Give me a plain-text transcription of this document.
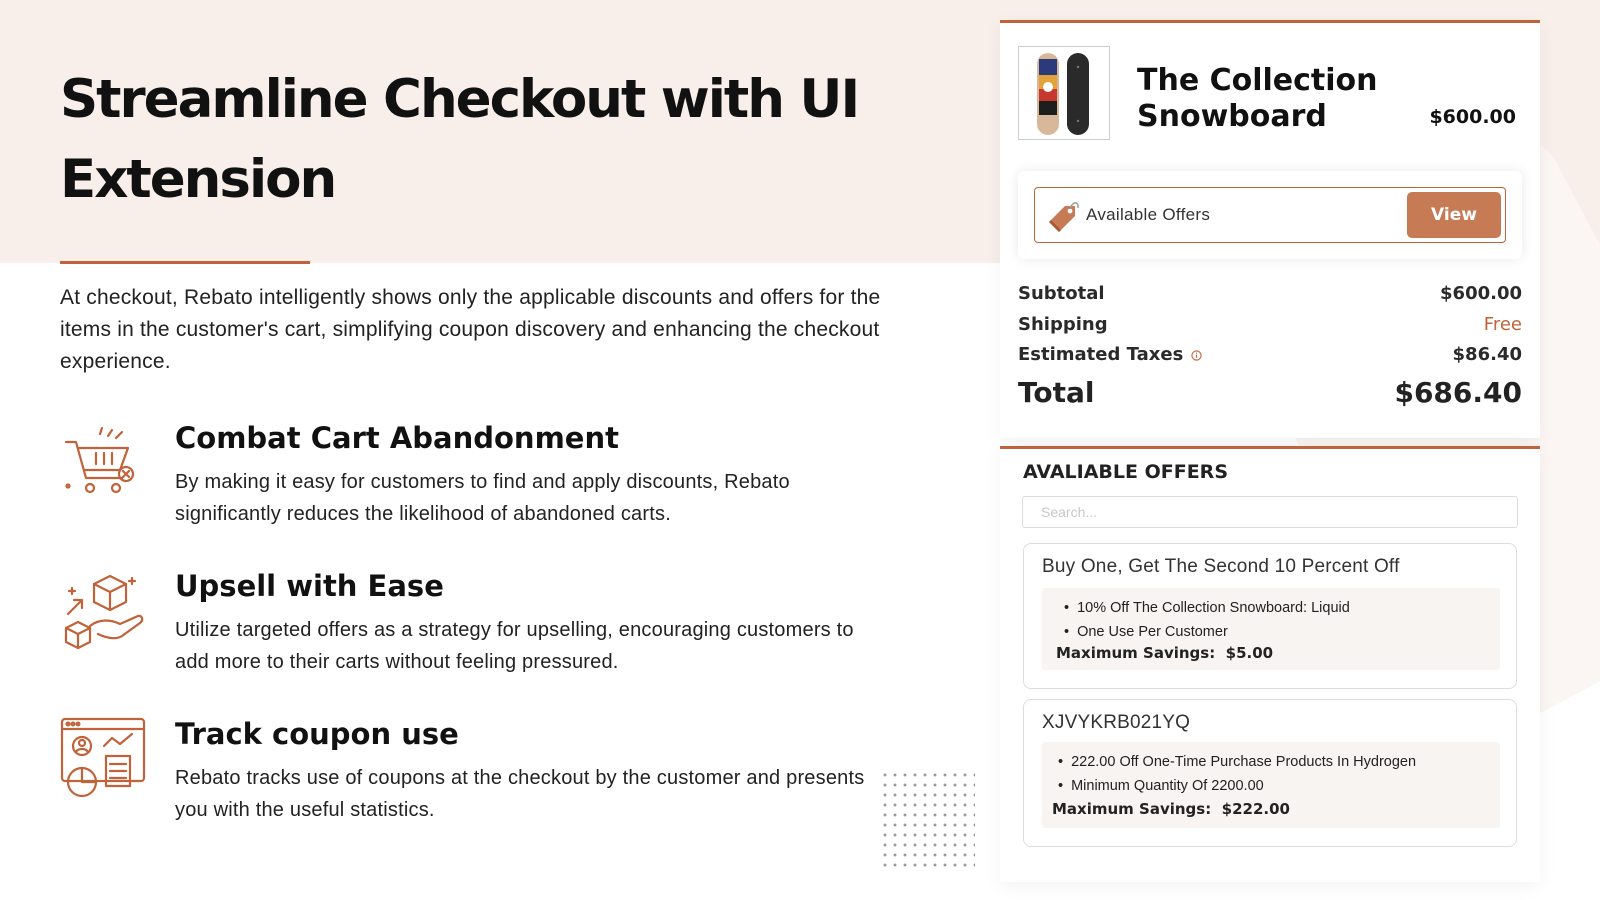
Streamline Checkout with UI Extension

At checkout, Rebato intelligently shows only the applicable discounts and offers for the items in the customer's cart, simplifying coupon discovery and enhancing the checkout experience.

Combat Cart Abandonment
By making it easy for customers to find and apply discounts, Rebato significantly reduces the likelihood of abandoned carts.
Upsell with Ease
Utilize targeted offers as a strategy for upselling, encouraging customers to add more to their carts without feeling pressured.
Track coupon use
Rebato tracks use of coupons at the checkout by the customer and presents you with the useful statistics.
The Collection Snowboard	$600.00
Available Offers	View
Subtotal	$600.00
Shipping	Free
Estimated Taxes	$86.40
Total	$686.40
AVALIABLE OFFERS
Search...
Buy One, Get The Second 10 Percent Off
• 10% Off The Collection Snowboard: Liquid
• One Use Per Customer
Maximum Savings: $5.00
XJVYKRB021YQ
• 222.00 Off One-Time Purchase Products In Hydrogen
• Minimum Quantity Of 2200.00
Maximum Savings: $222.00
